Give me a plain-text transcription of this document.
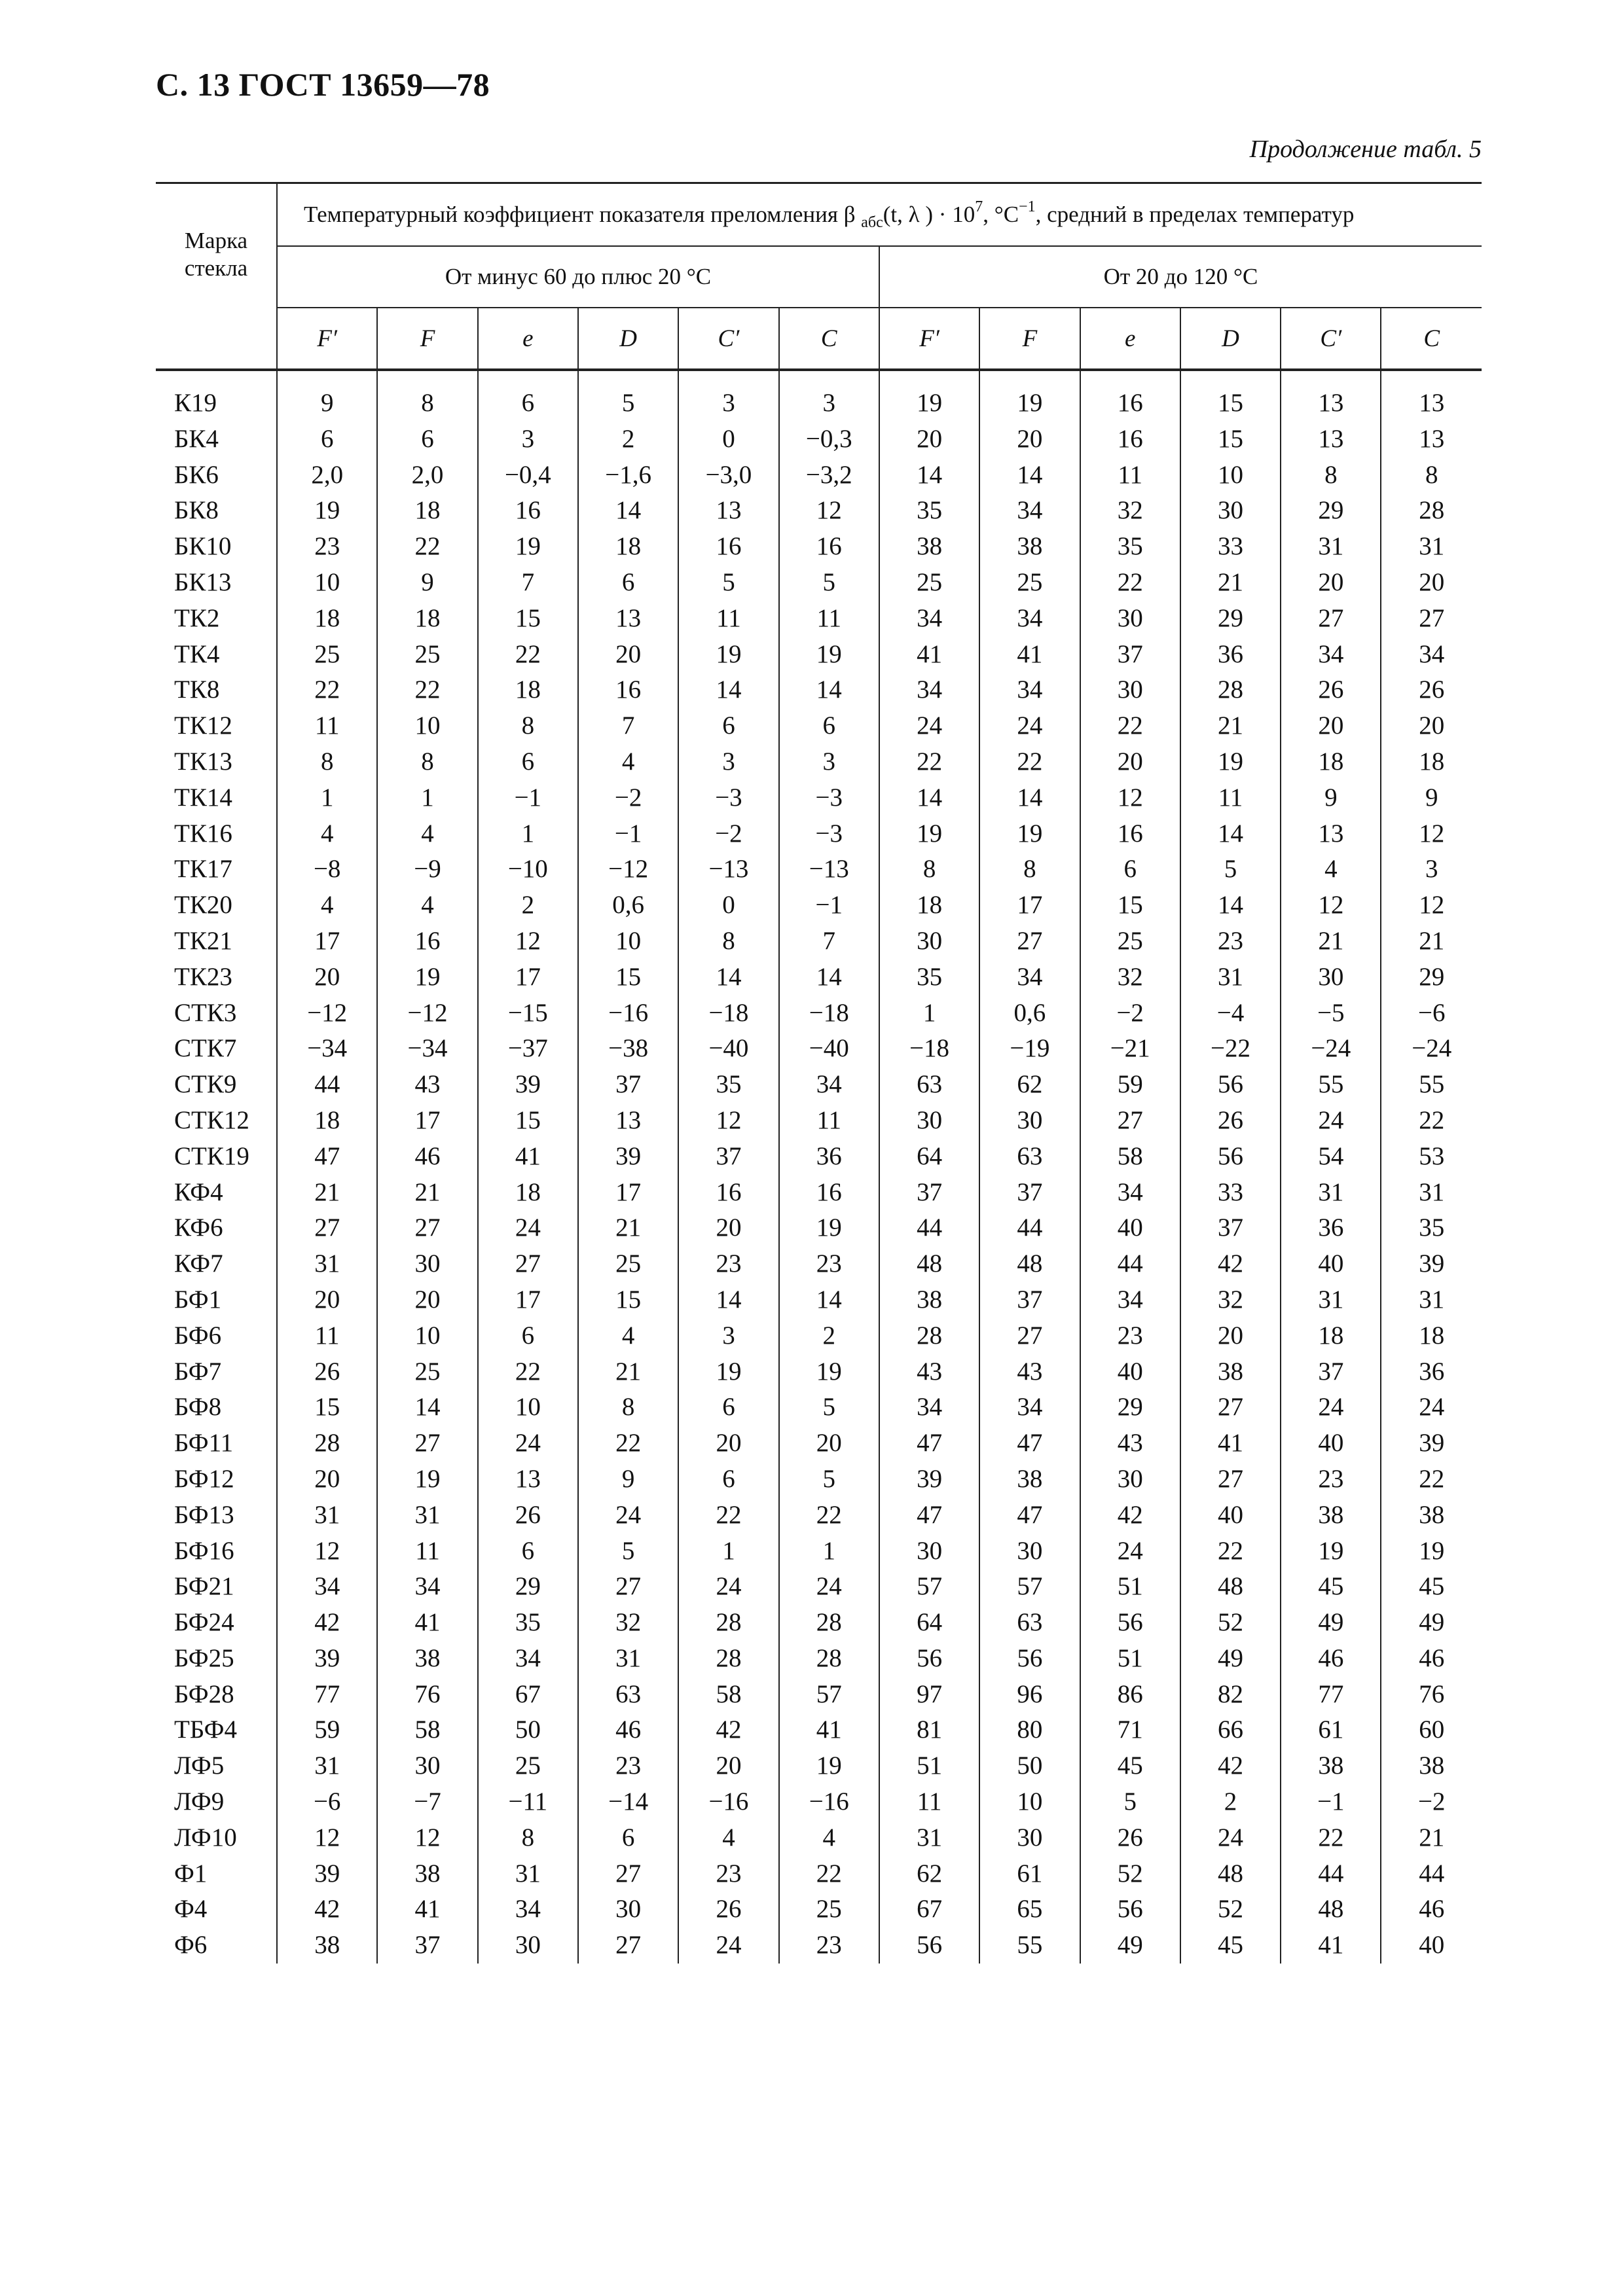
С. 13 ГОСТ 13659—78
Продолжение табл. 5
Марка стекла	Температурный коэффициент показателя преломления β $_{абс}$(t, λ ) · $10^7$, $^\circ C^{-1}$, средний в пределах температур											
	От минус 60 до плюс 20 °C						От 20 до 120 °C					
	F′	F	e	D	C′	C	F′	F	e	D	C′	C
К19	9	8	6	5	3	3	19	19	16	15	13	13
БК4	6	6	3	2	0	−0,3	20	20	16	15	13	13
БК6	2,0	2,0	−0,4	−1,6	−3,0	−3,2	14	14	11	10	8	8
БК8	19	18	16	14	13	12	35	34	32	30	29	28
БК10	23	22	19	18	16	16	38	38	35	33	31	31
БК13	10	9	7	6	5	5	25	25	22	21	20	20
ТК2	18	18	15	13	11	11	34	34	30	29	27	27
ТК4	25	25	22	20	19	19	41	41	37	36	34	34
ТК8	22	22	18	16	14	14	34	34	30	28	26	26
ТК12	11	10	8	7	6	6	24	24	22	21	20	20
ТК13	8	8	6	4	3	3	22	22	20	19	18	18
ТК14	1	1	−1	−2	−3	−3	14	14	12	11	9	9
ТК16	4	4	1	−1	−2	−3	19	19	16	14	13	12
ТК17	−8	−9	−10	−12	−13	−13	8	8	6	5	4	3
ТК20	4	4	2	0,6	0	−1	18	17	15	14	12	12
ТК21	17	16	12	10	8	7	30	27	25	23	21	21
ТК23	20	19	17	15	14	14	35	34	32	31	30	29
СТК3	−12	−12	−15	−16	−18	−18	1	0,6	−2	−4	−5	−6
СТК7	−34	−34	−37	−38	−40	−40	−18	−19	−21	−22	−24	−24
СТК9	44	43	39	37	35	34	63	62	59	56	55	55
СТК12	18	17	15	13	12	11	30	30	27	26	24	22
СТК19	47	46	41	39	37	36	64	63	58	56	54	53
КФ4	21	21	18	17	16	16	37	37	34	33	31	31
КФ6	27	27	24	21	20	19	44	44	40	37	36	35
КФ7	31	30	27	25	23	23	48	48	44	42	40	39
БФ1	20	20	17	15	14	14	38	37	34	32	31	31
БФ6	11	10	6	4	3	2	28	27	23	20	18	18
БФ7	26	25	22	21	19	19	43	43	40	38	37	36
БФ8	15	14	10	8	6	5	34	34	29	27	24	24
БФ11	28	27	24	22	20	20	47	47	43	41	40	39
БФ12	20	19	13	9	6	5	39	38	30	27	23	22
БФ13	31	31	26	24	22	22	47	47	42	40	38	38
БФ16	12	11	6	5	1	1	30	30	24	22	19	19
БФ21	34	34	29	27	24	24	57	57	51	48	45	45
БФ24	42	41	35	32	28	28	64	63	56	52	49	49
БФ25	39	38	34	31	28	28	56	56	51	49	46	46
БФ28	77	76	67	63	58	57	97	96	86	82	77	76
ТБФ4	59	58	50	46	42	41	81	80	71	66	61	60
ЛФ5	31	30	25	23	20	19	51	50	45	42	38	38
ЛФ9	−6	−7	−11	−14	−16	−16	11	10	5	2	−1	−2
ЛФ10	12	12	8	6	4	4	31	30	26	24	22	21
Ф1	39	38	31	27	23	22	62	61	52	48	44	44
Ф4	42	41	34	30	26	25	67	65	56	52	48	46
Ф6	38	37	30	27	24	23	56	55	49	45	41	40
